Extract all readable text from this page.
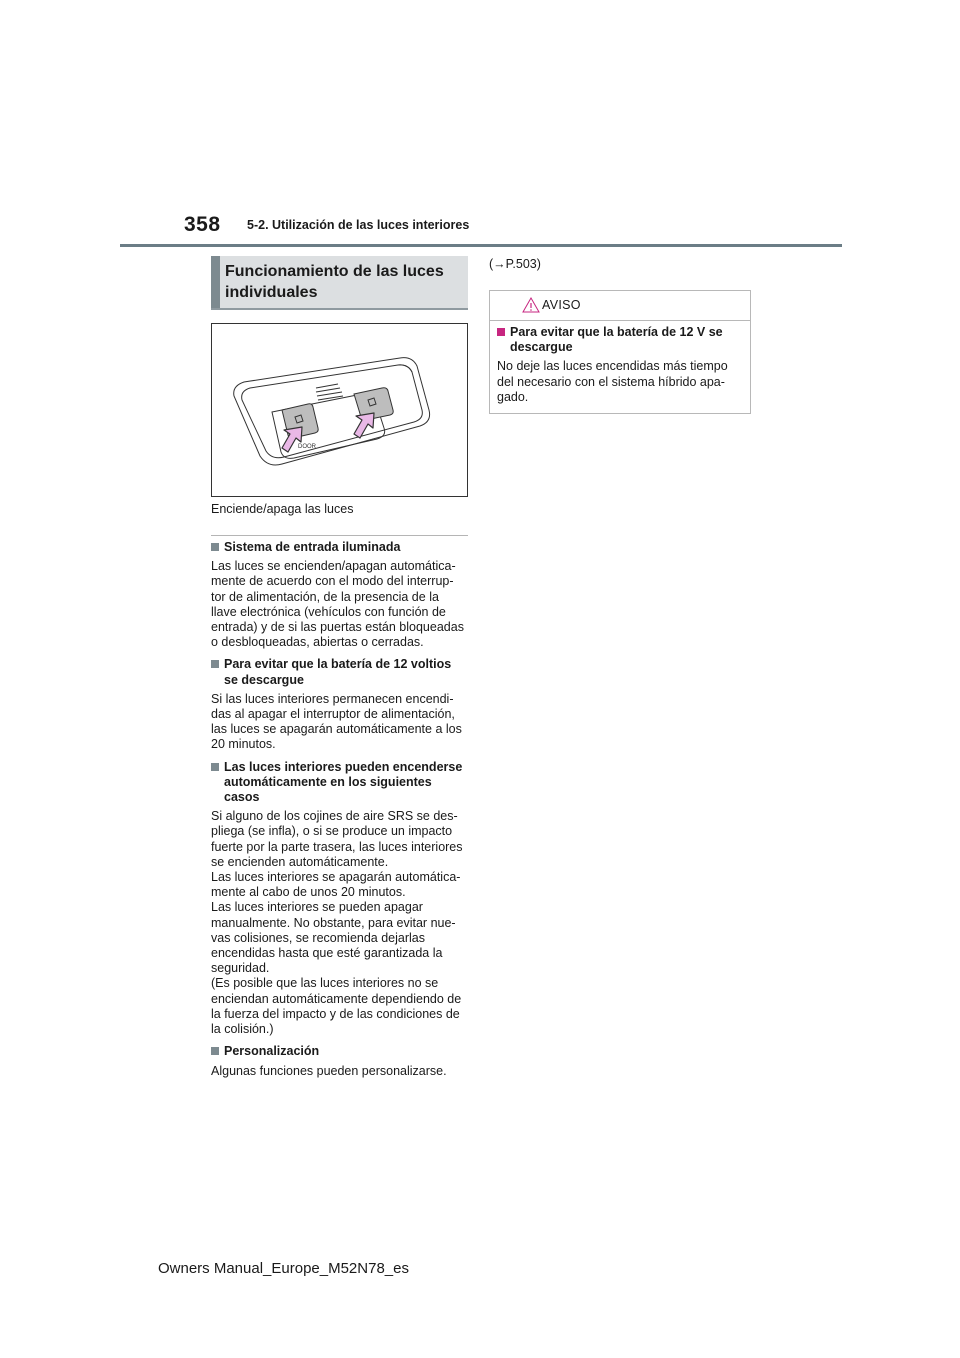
358 5-2. Utilización de las luces interiores
Funcionamiento de las luces individuales
DOOR
Enciende/apaga las luces
Sistema de entrada iluminada

Las luces se encienden/apagan automática-
mente de acuerdo con el modo del interrup-
tor de alimentación, de la presencia de la
llave electrónica (vehículos con función de
entrada) y de si las puertas están bloqueadas
o desbloqueadas, abiertas o cerradas.

Para evitar que la batería de 12 voltios se descargue

Si las luces interiores permanecen encendi-
das al apagar el interruptor de alimentación,
las luces se apagarán automáticamente a los
20 minutos.

Las luces interiores pueden encenderse automáticamente en los siguientes casos

Si alguno de los cojines de aire SRS se des-
pliega (se infla), o si se produce un impacto
fuerte por la parte trasera, las luces interiores
se encienden automáticamente.
Las luces interiores se apagarán automática-
mente al cabo de unos 20 minutos.
Las luces interiores se pueden apagar
manualmente. No obstante, para evitar nue-
vas colisiones, se recomienda dejarlas
encendidas hasta que esté garantizada la
seguridad.
(Es posible que las luces interiores no se
enciendan automáticamente dependiendo de
la fuerza del impacto y de las condiciones de
la colisión.)

Personalización

Algunas funciones pueden personalizarse.

(→P.503)
AVISO
Para evitar que la batería de 12 V se descargue

No deje las luces encendidas más tiempo
del necesario con el sistema híbrido apa-
gado.

Owners Manual_Europe_M52N78_es
